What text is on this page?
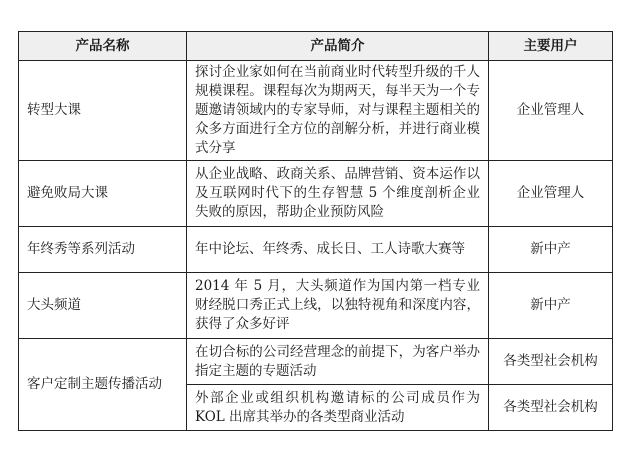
产品名称	产品简介	主要用户
转型大课	探讨企业家如何在当前商业时代转型升级的千人规模课程。课程每次为期两天，每半天为一个专题邀请领域内的专家导师，对与课程主题相关的众多方面进行全方位的剖解分析，并进行商业模式分享	企业管理人
避免败局大课	从企业战略、政商关系、品牌营销、资本运作以及互联网时代下的生存智慧 5 个维度剖析企业失败的原因，帮助企业预防风险	企业管理人
年终秀等系列活动	年中论坛、年终秀、成长日、工人诗歌大赛等	新中产
大头频道	2014 年 5 月，大头频道作为国内第一档专业财经脱口秀正式上线，以独特视角和深度内容，获得了众多好评	新中产
客户定制主题传播活动	在切合标的公司经营理念的前提下，为客户举办指定主题的专题活动	各类型社会机构
	外部企业或组织机构邀请标的公司成员作为 KOL 出席其举办的各类型商业活动	各类型社会机构
